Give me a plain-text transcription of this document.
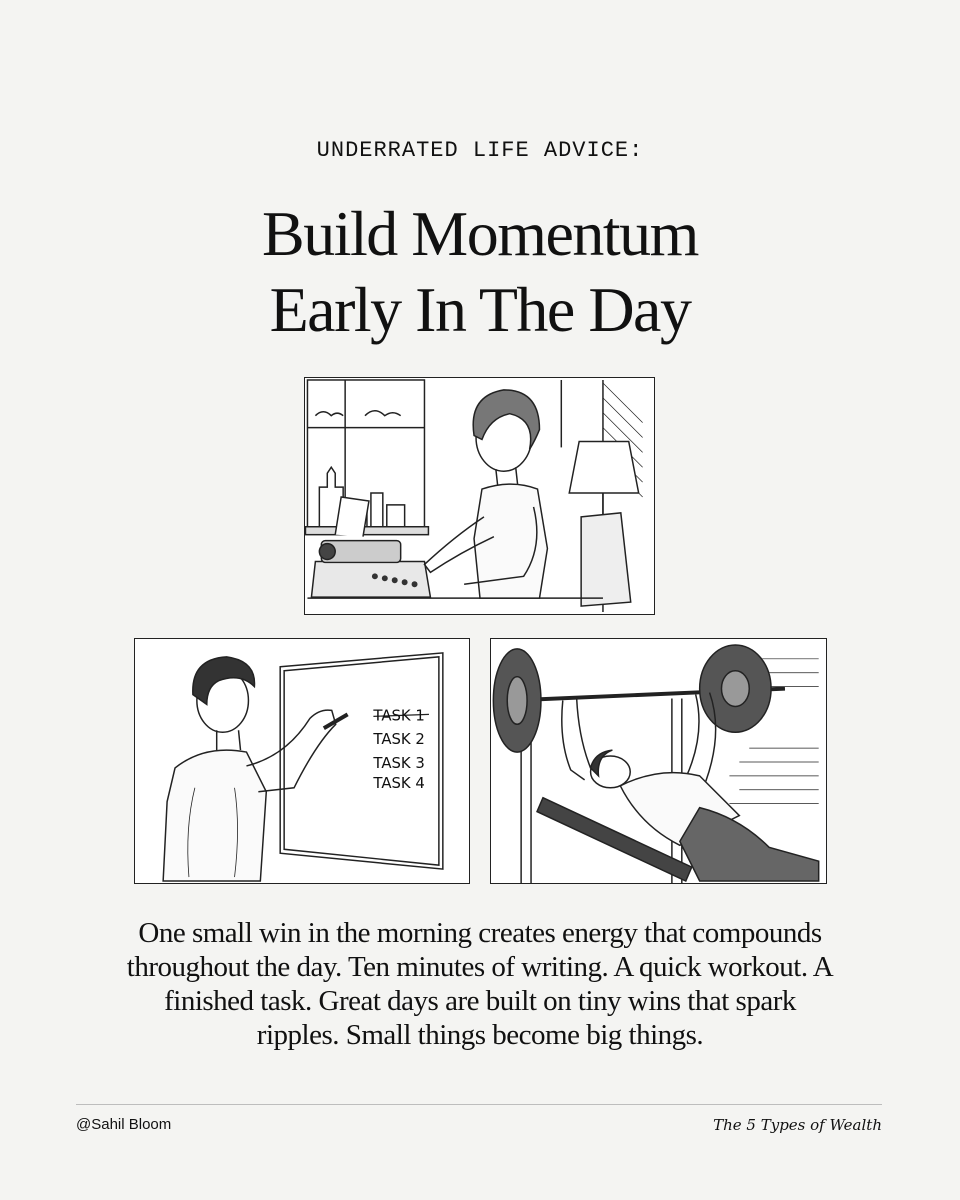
UNDERRATED LIFE ADVICE:
Build Momentum
Early In The Day
TASK 1
TASK 2
TASK 3
TASK 4

One small win in the morning creates energy that compounds throughout the day. Ten minutes of writing. A quick workout. A finished task. Great days are built on tiny wins that spark ripples. Small things become big things.

@Sahil Bloom	The 5 Types of Wealth
